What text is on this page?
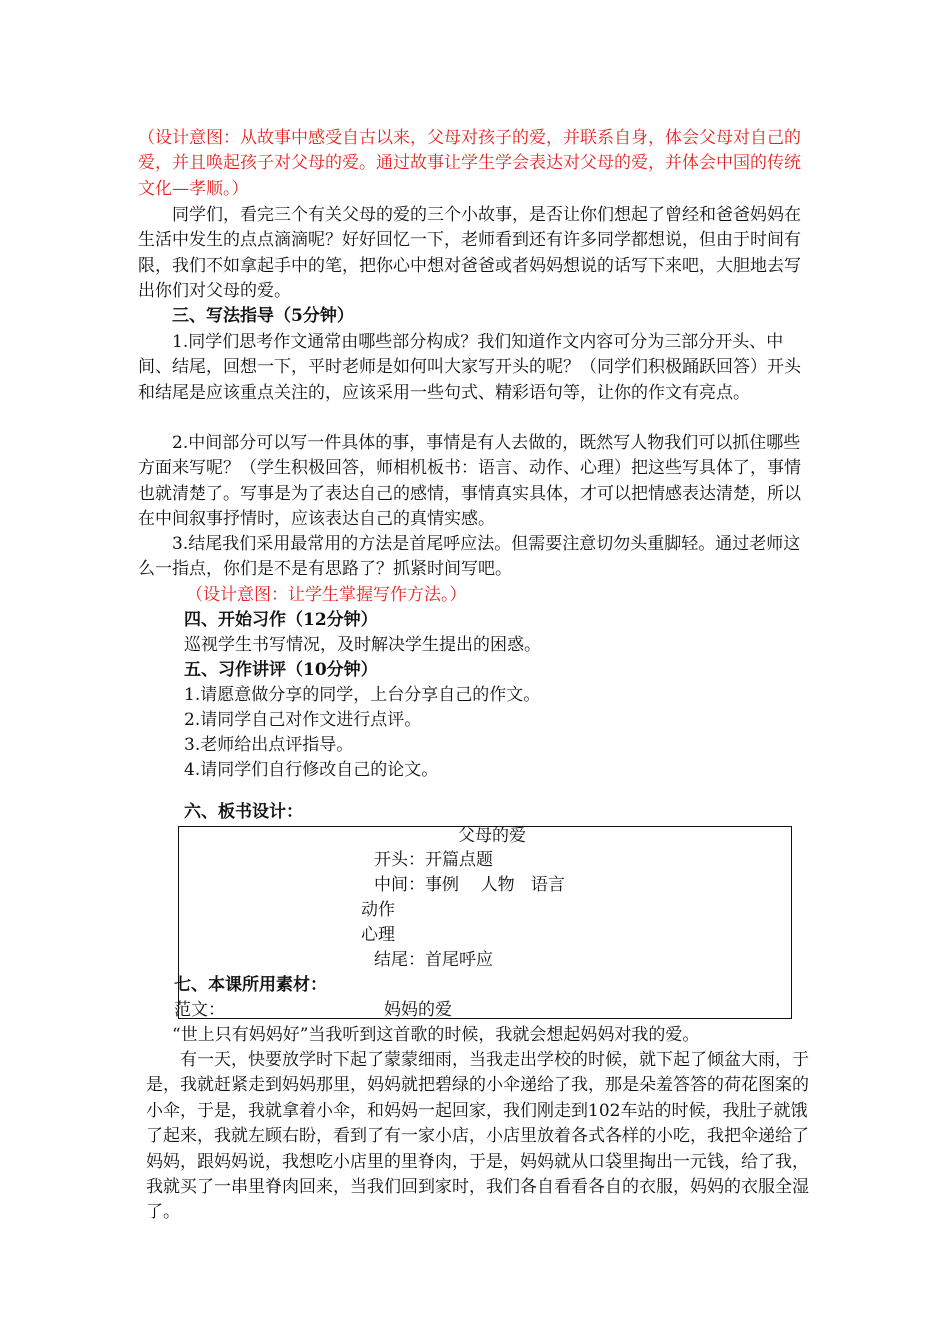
（设计意图：从故事中感受自古以来，父母对孩子的爱，并联系自身，体会父母对自己的爱，并且唤起孩子对父母的爱。通过故事让学生学会表达对父母的爱，并体会中国的传统文化—孝顺。）

同学们，看完三个有关父母的爱的三个小故事，是否让你们想起了曾经和爸爸妈妈在生活中发生的点点滴滴呢？好好回忆一下，老师看到还有许多同学都想说，但由于时间有限，我们不如拿起手中的笔，把你心中想对爸爸或者妈妈想说的话写下来吧，大胆地去写出你们对父母的爱。

三、写法指导（5分钟）

1.同学们思考作文通常由哪些部分构成？我们知道作文内容可分为三部分开头、中间、结尾，回想一下，平时老师是如何叫大家写开头的呢？（同学们积极踊跃回答）开头和结尾是应该重点关注的，应该采用一些句式、精彩语句等，让你的作文有亮点。

2.中间部分可以写一件具体的事，事情是有人去做的，既然写人物我们可以抓住哪些方面来写呢？（学生积极回答，师相机板书：语言、动作、心理）把这些写具体了，事情也就清楚了。写事是为了表达自己的感情，事情真实具体，才可以把情感表达清楚，所以在中间叙事抒情时，应该表达自己的真情实感。

3.结尾我们采用最常用的方法是首尾呼应法。但需要注意切勿头重脚轻。通过老师这么一指点，你们是不是有思路了？抓紧时间写吧。

（设计意图：让学生掌握写作方法。）
四、开始习作（12分钟）
巡视学生书写情况，及时解决学生提出的困惑。
五、习作讲评（10分钟）
1.请愿意做分享的同学，上台分享自己的作文。
2.请同学自己对作文进行点评。
3.老师给出点评指导。
4.请同学们自行修改自己的论文。
六、板书设计：
父母的爱
开头：开篇点题
中间：事例    人物   语言
动作
心理
结尾：首尾呼应
七、本课所用素材：
范文：	妈妈的爱
“世上只有妈妈好”当我听到这首歌的时候，我就会想起妈妈对我的爱。

有一天，快要放学时下起了蒙蒙细雨，当我走出学校的时候，就下起了倾盆大雨，于是，我就赶紧走到妈妈那里，妈妈就把碧绿的小伞递给了我，那是朵羞答答的荷花图案的小伞，于是，我就拿着小伞，和妈妈一起回家，我们刚走到102车站的时候，我肚子就饿了起来，我就左顾右盼，看到了有一家小店，小店里放着各式各样的小吃，我把伞递给了妈妈，跟妈妈说，我想吃小店里的里脊肉，于是，妈妈就从口袋里掏出一元钱，给了我，我就买了一串里脊肉回来，当我们回到家时，我们各自看看各自的衣服，妈妈的衣服全湿了。
